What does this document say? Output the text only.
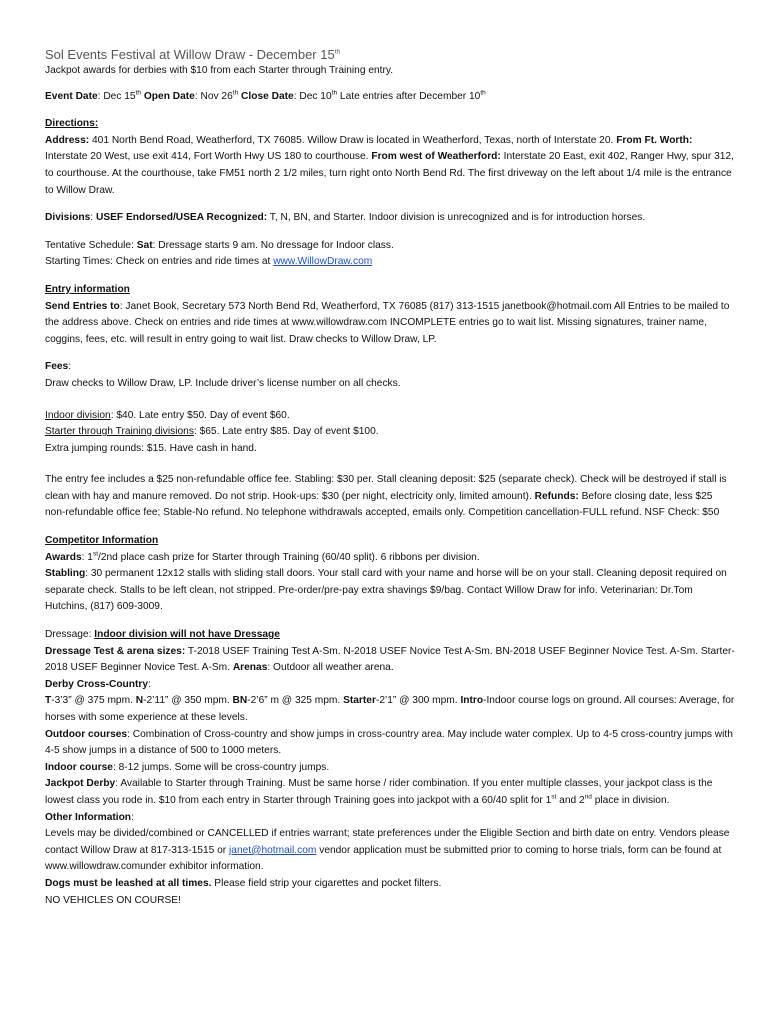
Sol Events Festival at Willow Draw - December 15th

Jackpot awards for derbies with $10 from each Starter through Training entry.

Event Date: Dec 15th Open Date: Nov 26th Close Date: Dec 10th Late entries after December 10th

Directions:

Address: 401 North Bend Road, Weatherford, TX 76085. Willow Draw is located in Weatherford, Texas, north of Interstate 20. From Ft. Worth: Interstate 20 West, use exit 414, Fort Worth Hwy US 180 to courthouse. From west of Weatherford: Interstate 20 East, exit 402, Ranger Hwy, spur 312, to courthouse. At the courthouse, take FM51 north 2 1/2 miles, turn right onto North Bend Rd. The first driveway on the left about 1/4 mile is the entrance to Willow Draw.

Divisions: USEF Endorsed/USEA Recognized: T, N, BN, and Starter. Indoor division is unrecognized and is for introduction horses.

Tentative Schedule: Sat: Dressage starts 9 am. No dressage for Indoor class.

Starting Times: Check on entries and ride times at www.WillowDraw.com

Entry information

Send Entries to: Janet Book, Secretary 573 North Bend Rd, Weatherford, TX 76085 (817) 313-1515 janetbook@hotmail.com All Entries to be mailed to the address above. Check on entries and ride times at www.willowdraw.com INCOMPLETE entries go to wait list. Missing signatures, trainer name, coggins, fees, etc. will result in entry going to wait list. Draw checks to Willow Draw, LP.

Fees:

Draw checks to Willow Draw, LP. Include driver’s license number on all checks.

Indoor division: $40. Late entry $50. Day of event $60.

Starter through Training divisions: $65. Late entry $85. Day of event $100.

Extra jumping rounds: $15. Have cash in hand.

The entry fee includes a $25 non-refundable office fee. Stabling: $30 per. Stall cleaning deposit: $25 (separate check). Check will be destroyed if stall is clean with hay and manure removed. Do not strip. Hook-ups: $30 (per night, electricity only, limited amount). Refunds: Before closing date, less $25 non-refundable office fee; Stable-No refund. No telephone withdrawals accepted, emails only. Competition cancellation-FULL refund. NSF Check: $50

Competitor Information

Awards: 1st/2nd place cash prize for Starter through Training (60/40 split). 6 ribbons per division.

Stabling: 30 permanent 12x12 stalls with sliding stall doors. Your stall card with your name and horse will be on your stall. Cleaning deposit required on separate check. Stalls to be left clean, not stripped. Pre-order/pre-pay extra shavings $9/bag. Contact Willow Draw for info. Veterinarian: Dr.Tom Hutchins, (817) 609-3009.

Dressage: Indoor division will not have Dressage

Dressage Test & arena sizes: T-2018 USEF Training Test A-Sm. N-2018 USEF Novice Test A-Sm. BN-2018 USEF Beginner Novice Test. A-Sm. Starter-2018 USEF Beginner Novice Test. A-Sm. Arenas: Outdoor all weather arena.

Derby Cross-Country:

T-3’3” @ 375 mpm. N-2’11” @ 350 mpm. BN-2’6” m @ 325 mpm. Starter-2’1” @ 300 mpm. Intro-Indoor course logs on ground. All courses: Average, for horses with some experience at these levels.

Outdoor courses: Combination of Cross-country and show jumps in cross-country area. May include water complex. Up to 4-5 cross-country jumps with 4-5 show jumps in a distance of 500 to 1000 meters.

Indoor course: 8-12 jumps. Some will be cross-country jumps.

Jackpot Derby: Available to Starter through Training. Must be same horse / rider combination. If you enter multiple classes, your jackpot class is the lowest class you rode in. $10 from each entry in Starter through Training goes into jackpot with a 60/40 split for 1st and 2nd place in division.

Other Information:

Levels may be divided/combined or CANCELLED if entries warrant; state preferences under the Eligible Section and birth date on entry. Vendors please contact Willow Draw at 817-313-1515 or janet@hotmail.com vendor application must be submitted prior to coming to horse trials, form can be found at www.willowdraw.comunder exhibitor information.

Dogs must be leashed at all times. Please field strip your cigarettes and pocket filters.

NO VEHICLES ON COURSE!
